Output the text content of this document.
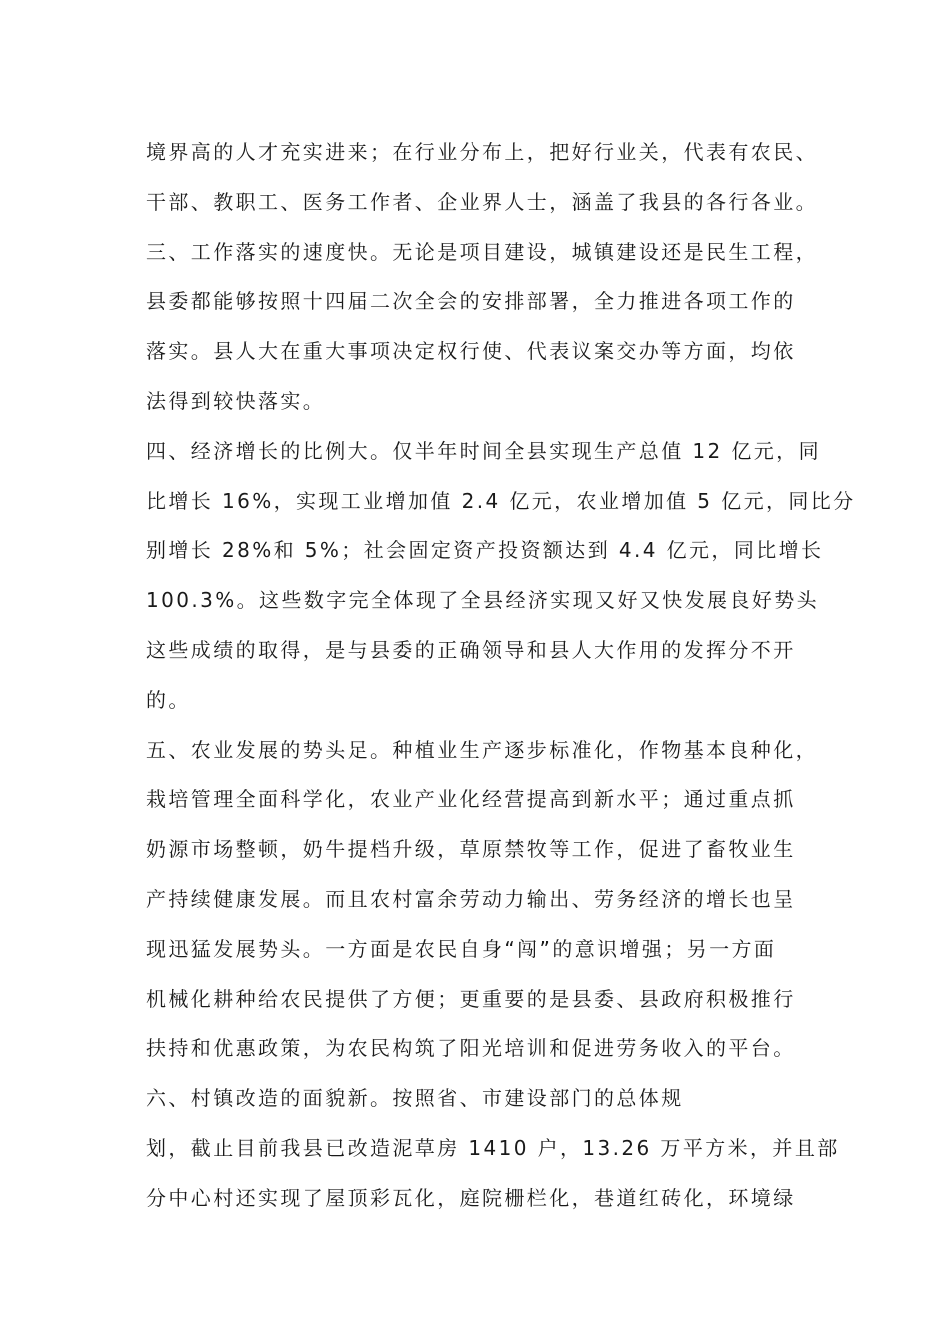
境界高的人才充实进来；在行业分布上，把好行业关，代表有农民、
干部、教职工、医务工作者、企业界人士，涵盖了我县的各行各业。
三、工作落实的速度快。无论是项目建设，城镇建设还是民生工程，
县委都能够按照十四届二次全会的安排部署，全力推进各项工作的
落实。县人大在重大事项决定权行使、代表议案交办等方面，均依
法得到较快落实。
四、经济增长的比例大。仅半年时间全县实现生产总值 12 亿元，同
比增长 16%，实现工业增加值 2.4 亿元，农业增加值 5 亿元，同比分
别增长 28%和 5%；社会固定资产投资额达到 4.4 亿元，同比增长
100.3%。这些数字完全体现了全县经济实现又好又快发展良好势头
这些成绩的取得，是与县委的正确领导和县人大作用的发挥分不开
的。
五、农业发展的势头足。种植业生产逐步标准化，作物基本良种化，
栽培管理全面科学化，农业产业化经营提高到新水平；通过重点抓
奶源市场整顿，奶牛提档升级，草原禁牧等工作，促进了畜牧业生
产持续健康发展。而且农村富余劳动力输出、劳务经济的增长也呈
现迅猛发展势头。一方面是农民自身“闯”的意识增强；另一方面
机械化耕种给农民提供了方便；更重要的是县委、县政府积极推行
扶持和优惠政策，为农民构筑了阳光培训和促进劳务收入的平台。
六、村镇改造的面貌新。按照省、市建设部门的总体规
划，截止目前我县已改造泥草房 1410 户，13.26 万平方米，并且部
分中心村还实现了屋顶彩瓦化，庭院栅栏化，巷道红砖化，环境绿
